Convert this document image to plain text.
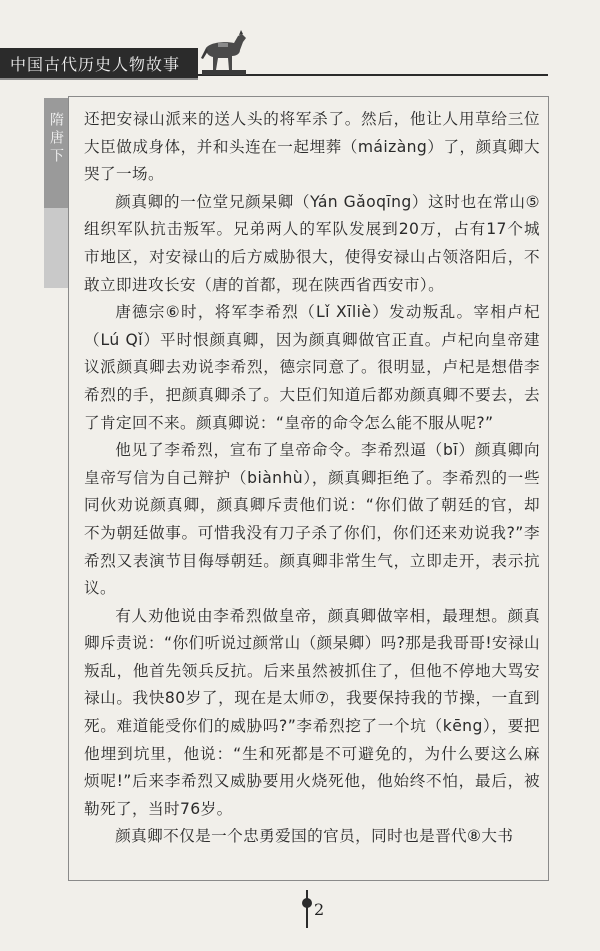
中国古代历史人物故事
隋唐下 还把安禄山派来的送人头的将军杀了。然后，他让人用草给三位大臣做成身体，并和头连在一起埋葬（máizàng）了，颜真卿大哭了一场。

颜真卿的一位堂兄颜杲卿（Yán Gǎoqīng）这时也在常山⑤组织军队抗击叛军。兄弟两人的军队发展到20万，占有17个城市地区，对安禄山的后方威胁很大，使得安禄山占领洛阳后，不敢立即进攻长安（唐的首都，现在陕西省西安市）。

唐德宗⑥时，将军李希烈（Lǐ Xīliè）发动叛乱。宰相卢杞（Lú Qǐ）平时恨颜真卿，因为颜真卿做官正直。卢杞向皇帝建议派颜真卿去劝说李希烈，德宗同意了。很明显，卢杞是想借李希烈的手，把颜真卿杀了。大臣们知道后都劝颜真卿不要去，去了肯定回不来。颜真卿说：“皇帝的命令怎么能不服从呢?”

他见了李希烈，宣布了皇帝命令。李希烈逼（bī）颜真卿向皇帝写信为自己辩护（biànhù），颜真卿拒绝了。李希烈的一些同伙劝说颜真卿，颜真卿斥责他们说：“你们做了朝廷的官，却不为朝廷做事。可惜我没有刀子杀了你们，你们还来劝说我?”李希烈又表演节目侮辱朝廷。颜真卿非常生气，立即走开，表示抗议。

有人劝他说由李希烈做皇帝，颜真卿做宰相，最理想。颜真卿斥责说：“你们听说过颜常山（颜杲卿）吗?那是我哥哥!安禄山叛乱，他首先领兵反抗。后来虽然被抓住了，但他不停地大骂安禄山。我快80岁了，现在是太师⑦，我要保持我的节操，一直到死。难道能受你们的威胁吗?”李希烈挖了一个坑（kēng），要把他埋到坑里，他说：“生和死都是不可避免的，为什么要这么麻烦呢!”后来李希烈又威胁要用火烧死他，他始终不怕，最后，被勒死了，当时76岁。

颜真卿不仅是一个忠勇爱国的官员，同时也是晋代⑧大书

2
